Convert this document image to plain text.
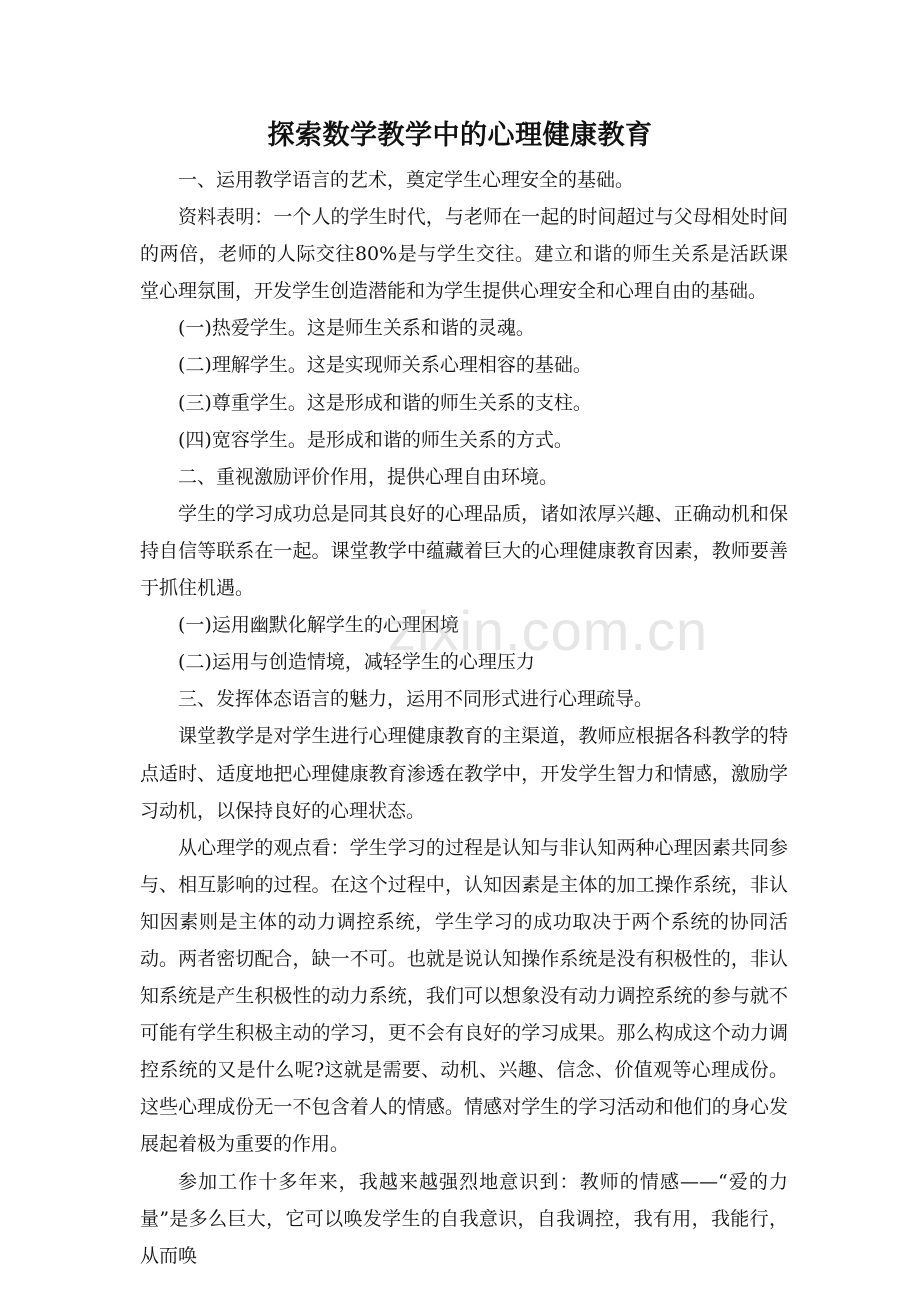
探索数学教学中的心理健康教育

一、运用教学语言的艺术，奠定学生心理安全的基础。

资料表明：一个人的学生时代，与老师在一起的时间超过与父母相处时间的两倍，老师的人际交往80%是与学生交往。建立和谐的师生关系是活跃课堂心理氛围，开发学生创造潜能和为学生提供心理安全和心理自由的基础。

(一)热爱学生。这是师生关系和谐的灵魂。

(二)理解学生。这是实现师关系心理相容的基础。

(三)尊重学生。这是形成和谐的师生关系的支柱。

(四)宽容学生。是形成和谐的师生关系的方式。

二、重视激励评价作用，提供心理自由环境。

学生的学习成功总是同其良好的心理品质，诸如浓厚兴趣、正确动机和保持自信等联系在一起。课堂教学中蕴藏着巨大的心理健康教育因素，教师要善于抓住机遇。

(一)运用幽默化解学生的心理困境

(二)运用与创造情境，减轻学生的心理压力

三、发挥体态语言的魅力，运用不同形式进行心理疏导。

课堂教学是对学生进行心理健康教育的主渠道，教师应根据各科教学的特点适时、适度地把心理健康教育渗透在教学中，开发学生智力和情感，激励学习动机，以保持良好的心理状态。

从心理学的观点看：学生学习的过程是认知与非认知两种心理因素共同参与、相互影响的过程。在这个过程中，认知因素是主体的加工操作系统，非认知因素则是主体的动力调控系统，学生学习的成功取决于两个系统的协同活动。两者密切配合，缺一不可。也就是说认知操作系统是没有积极性的，非认知系统是产生积极性的动力系统，我们可以想象没有动力调控系统的参与就不可能有学生积极主动的学习，更不会有良好的学习成果。那么构成这个动力调控系统的又是什么呢?这就是需要、动机、兴趣、信念、价值观等心理成份。这些心理成份无一不包含着人的情感。情感对学生的学习活动和他们的身心发展起着极为重要的作用。

参加工作十多年来，我越来越强烈地意识到：教师的情感——“爱的力量”是多么巨大，它可以唤发学生的自我意识，自我调控，我有用，我能行，从而唤

zixin.com.cn
